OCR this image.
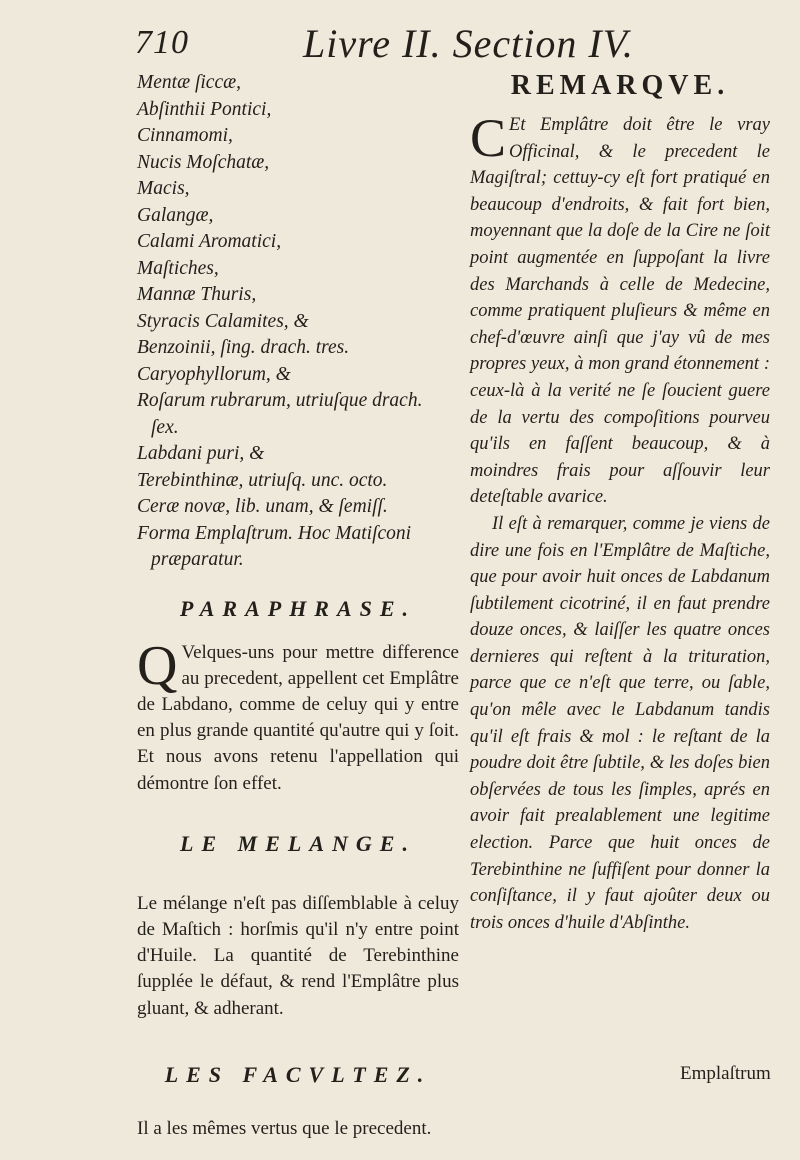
710	Livre II. Section IV.

Mentæ ſiccæ,

Abſinthii Pontici,

Cinnamomi,

Nucis Moſchatæ,

Macis,

Galangæ,

Calami Aromatici,

Maſtiches,

Mannæ Thuris,

Styracis Calamites, &

Benzoinii, ſing. drach. tres.

Caryophyllorum, &

Roſarum rubrarum, utriuſque drach.

ſex.

Labdani puri, &

Terebinthinæ, utriuſq. unc. octo.

Ceræ novæ, lib. unam, & ſemiſſ.

Forma Emplaſtrum. Hoc Matiſconi

præparatur.

PARAPHRASE.

Q Velques-uns pour mettre difference au precedent, appellent cet Emplâtre de Labdano, comme de celuy qui y entre en plus grande quantité qu'autre qui y ſoit. Et nous avons retenu l'appellation qui démontre ſon effet.

LE MELANGE.

Le mélange n'eſt pas diſſemblable à celuy de Maſtich : horſmis qu'il n'y entre point d'Huile. La quantité de Terebinthine ſupplée le défaut, & rend l'Emplâtre plus gluant, & adherant.

LES FACVLTEZ.

Il a les mêmes vertus que le precedent.

REMARQVE.

C Et Emplâtre doit être le vray Officinal, & le precedent le Magiſtral; cettuy-cy eſt fort pratiqué en beaucoup d'endroits, & fait fort bien, moyennant que la doſe de la Cire ne ſoit point augmentée en ſuppoſant la livre des Marchands à celle de Medecine, comme pratiquent pluſieurs & même en chef-d'œuvre ainſi que j'ay vû de mes propres yeux, à mon grand étonnement : ceux-là à la verité ne ſe ſoucient guere de la vertu des compoſitions pourveu qu'ils en faſſent beaucoup, & à moindres frais pour aſſouvir leur deteſtable avarice.

Il eſt à remarquer, comme je viens de dire une fois en l'Emplâtre de Maſtiche, que pour avoir huit onces de Labdanum ſubtilement cicotriné, il en faut prendre douze onces, & laiſſer les quatre onces dernieres qui reſtent à la trituration, parce que ce n'eſt que terre, ou ſable, qu'on mêle avec le Labdanum tandis qu'il eſt frais & mol : le reſtant de la poudre doit être ſubtile, & les doſes bien obſervées de tous les ſimples, aprés en avoir fait prealablement une legitime election. Parce que huit onces de Terebinthine ne ſuffiſent pour donner la conſiſtance, il y faut ajoûter deux ou trois onces d'huile d'Abſinthe.

Emplaſtrum
